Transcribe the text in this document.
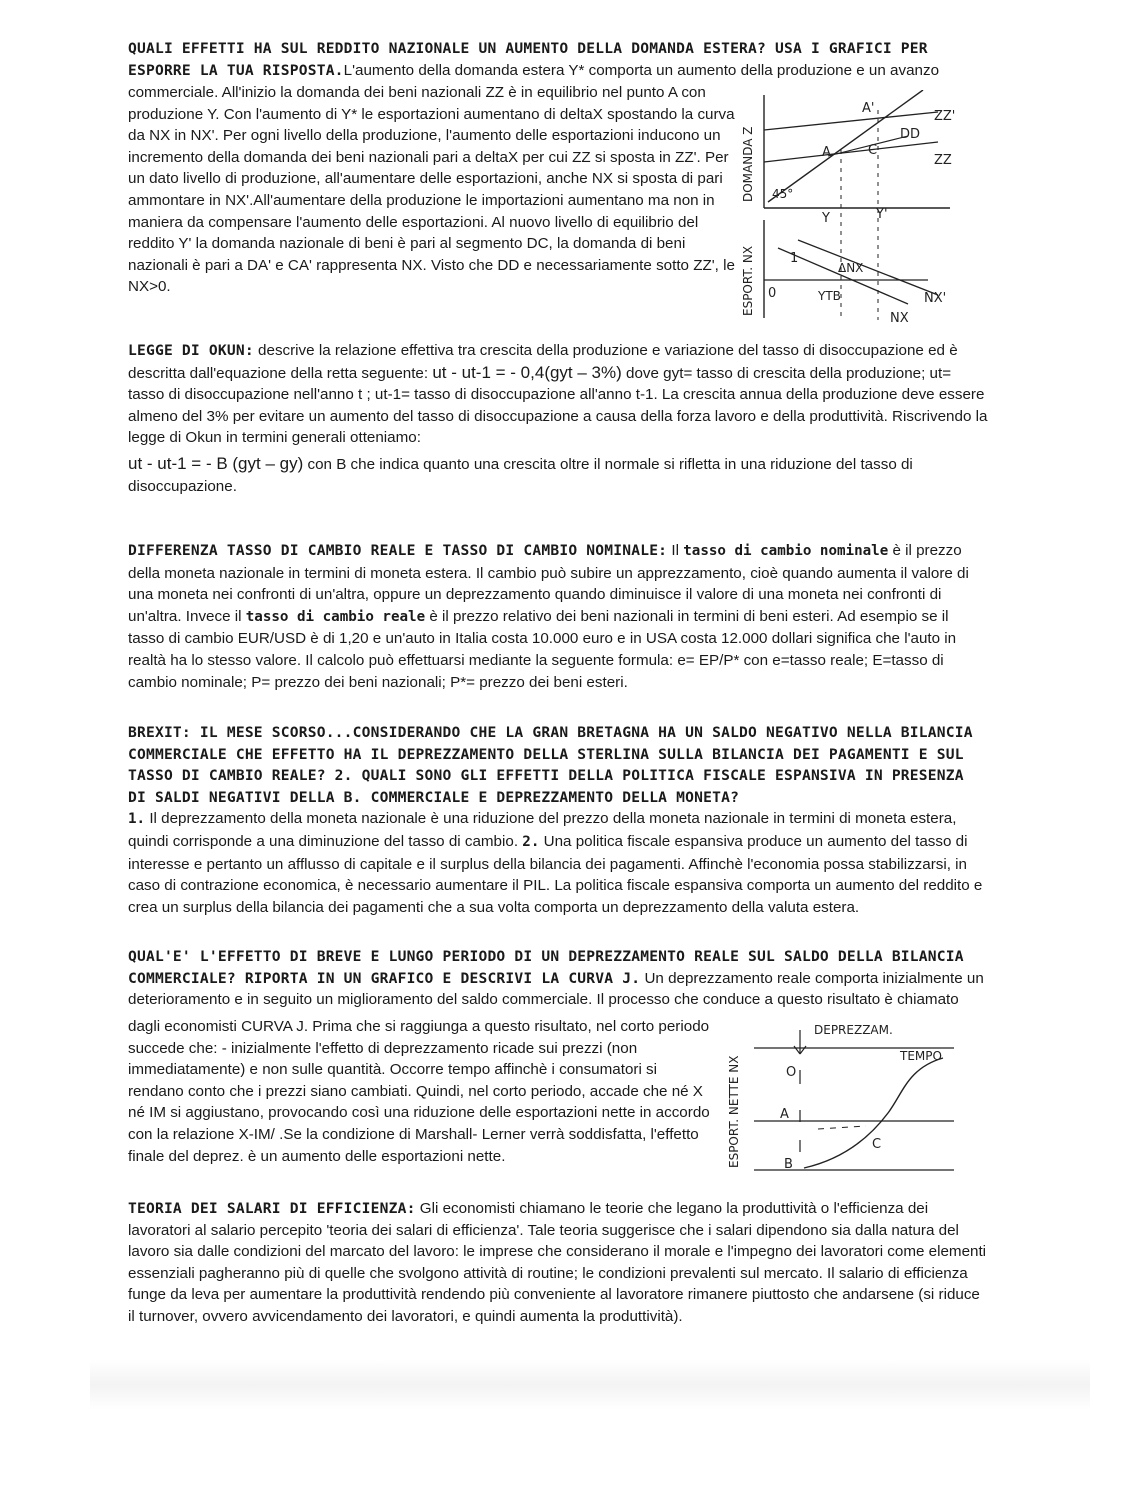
QUALI EFFETTI HA SUL REDDITO NAZIONALE UN AUMENTO DELLA DOMANDA ESTERA? USA I GRAFICI PER ESPORRE LA TUA RISPOSTA.L'aumento della domanda estera Y* comporta un aumento della produzione e un avanzo

commerciale. All'inizio la domanda dei beni nazionali ZZ è in equilibrio nel punto A con produzione Y. Con l'aumento di Y* le esportazioni aumentano di deltaX spostando la curva da NX in NX'. Per ogni livello della produzione, l'aumento delle esportazioni inducono un incremento della domanda dei beni nazionali pari a deltaX per cui ZZ si sposta in ZZ'. Per un dato livello di produzione, all'aumentare delle esportazioni, anche NX si sposta di pari ammontare in NX'.All'aumentare della produzione le importazioni aumentano ma non in maniera da compensare l'aumento delle esportazioni. Al nuovo livello di equilibrio del reddito Y' la domanda nazionale di beni è pari al segmento DC, la domanda di beni nazionali è pari a DA' e CA' rappresenta NX. Visto che DD e necessariamente sotto ZZ', le NX>0.

DOMANDA Z
ESPORT. NX
ZZ'
ZZ
DD
A'
A	C
45°
Y	Y'
1
ΔNX
0	YTB	NX'
NX

LEGGE DI OKUN: descrive la relazione effettiva tra crescita della produzione e variazione del tasso di disoccupazione ed è descritta dall'equazione della retta seguente: ut - ut-1 = - 0,4(gyt – 3%) dove gyt= tasso di crescita della produzione; ut= tasso di disoccupazione nell'anno t ; ut-1= tasso di disoccupazione all'anno t-1. La crescita annua della produzione deve essere almeno del 3% per evitare un aumento del tasso di disoccupazione a causa della forza lavoro e della produttività. Riscrivendo la legge di Okun in termini generali otteniamo:

ut - ut-1 = - B (gyt – gy) con B che indica quanto una crescita oltre il normale si rifletta in una riduzione del tasso di disoccupazione.

DIFFERENZA TASSO DI CAMBIO REALE E TASSO DI CAMBIO NOMINALE: Il tasso di cambio nominale è il prezzo della moneta nazionale in termini di moneta estera. Il cambio può subire un apprezzamento, cioè quando aumenta il valore di una moneta nei confronti di un'altra, oppure un deprezzamento quando diminuisce il valore di una moneta nei confronti di un'altra. Invece il tasso di cambio reale è il prezzo relativo dei beni nazionali in termini di beni esteri. Ad esempio se il tasso di cambio EUR/USD è di 1,20 e un'auto in Italia costa 10.000 euro e in USA costa 12.000 dollari significa che l'auto in realtà ha lo stesso valore. Il calcolo può effettuarsi mediante la seguente formula: e= EP/P* con e=tasso reale; E=tasso di cambio nominale; P= prezzo dei beni nazionali; P*= prezzo dei beni esteri.

BREXIT: IL MESE SCORSO...CONSIDERANDO CHE LA GRAN BRETAGNA HA UN SALDO NEGATIVO NELLA BILANCIA COMMERCIALE CHE EFFETTO HA IL DEPREZZAMENTO DELLA STERLINA SULLA BILANCIA DEI PAGAMENTI E SUL TASSO DI CAMBIO REALE? 2. QUALI SONO GLI EFFETTI DELLA POLITICA FISCALE ESPANSIVA IN PRESENZA DI SALDI NEGATIVI DELLA B. COMMERCIALE E DEPREZZAMENTO DELLA MONETA?

1. Il deprezzamento della moneta nazionale è una riduzione del prezzo della moneta nazionale in termini di moneta estera, quindi corrisponde a una diminuzione del tasso di cambio. 2. Una politica fiscale espansiva produce un aumento del tasso di interesse e pertanto un afflusso di capitale e il surplus della bilancia dei pagamenti. Affinchè l'economia possa stabilizzarsi, in caso di contrazione economica, è necessario aumentare il PIL. La politica fiscale espansiva comporta un aumento del reddito e crea un surplus della bilancia dei pagamenti che a sua volta comporta un deprezzamento della valuta estera.

QUAL'E' L'EFFETTO DI BREVE E LUNGO PERIODO DI UN DEPREZZAMENTO REALE SUL SALDO DELLA BILANCIA COMMERCIALE? RIPORTA IN UN GRAFICO E DESCRIVI LA CURVA J. Un deprezzamento reale comporta inizialmente un deterioramento e in seguito un miglioramento del saldo commerciale. Il processo che conduce a questo risultato è chiamato

dagli economisti CURVA J. Prima che si raggiunga a questo risultato, nel corto periodo succede che: - inizialmente l'effetto di deprezzamento ricade sui prezzi (non immediatamente) e non sulle quantità. Occorre tempo affinchè i consumatori si rendano conto che i prezzi siano cambiati. Quindi, nel corto periodo, accade che né X né IM si aggiustano, provocando così una riduzione delle esportazioni nette in accordo con la relazione X-IM/ .Se la condizione di Marshall- Lerner verrà soddisfatta, l'effetto finale del deprez. è un aumento delle esportazioni nette.	ESPORT. NETTE NX
DEPREZZAM.
TEMPO
O
A
B
C

TEORIA DEI SALARI DI EFFICIENZA: Gli economisti chiamano le teorie che legano la produttività o l'efficienza dei lavoratori al salario percepito 'teoria dei salari di efficienza'. Tale teoria suggerisce che i salari dipendono sia dalla natura del lavoro sia dalle condizioni del marcato del lavoro: le imprese che considerano il morale e l'impegno dei lavoratori come elementi essenziali pagheranno più di quelle che svolgono attività di routine; le condizioni prevalenti sul mercato. Il salario di efficienza funge da leva per aumentare la produttività rendendo più conveniente al lavoratore rimanere piuttosto che andarsene (si riduce il turnover, ovvero avvicendamento dei lavoratori, e quindi aumenta la produttività).
